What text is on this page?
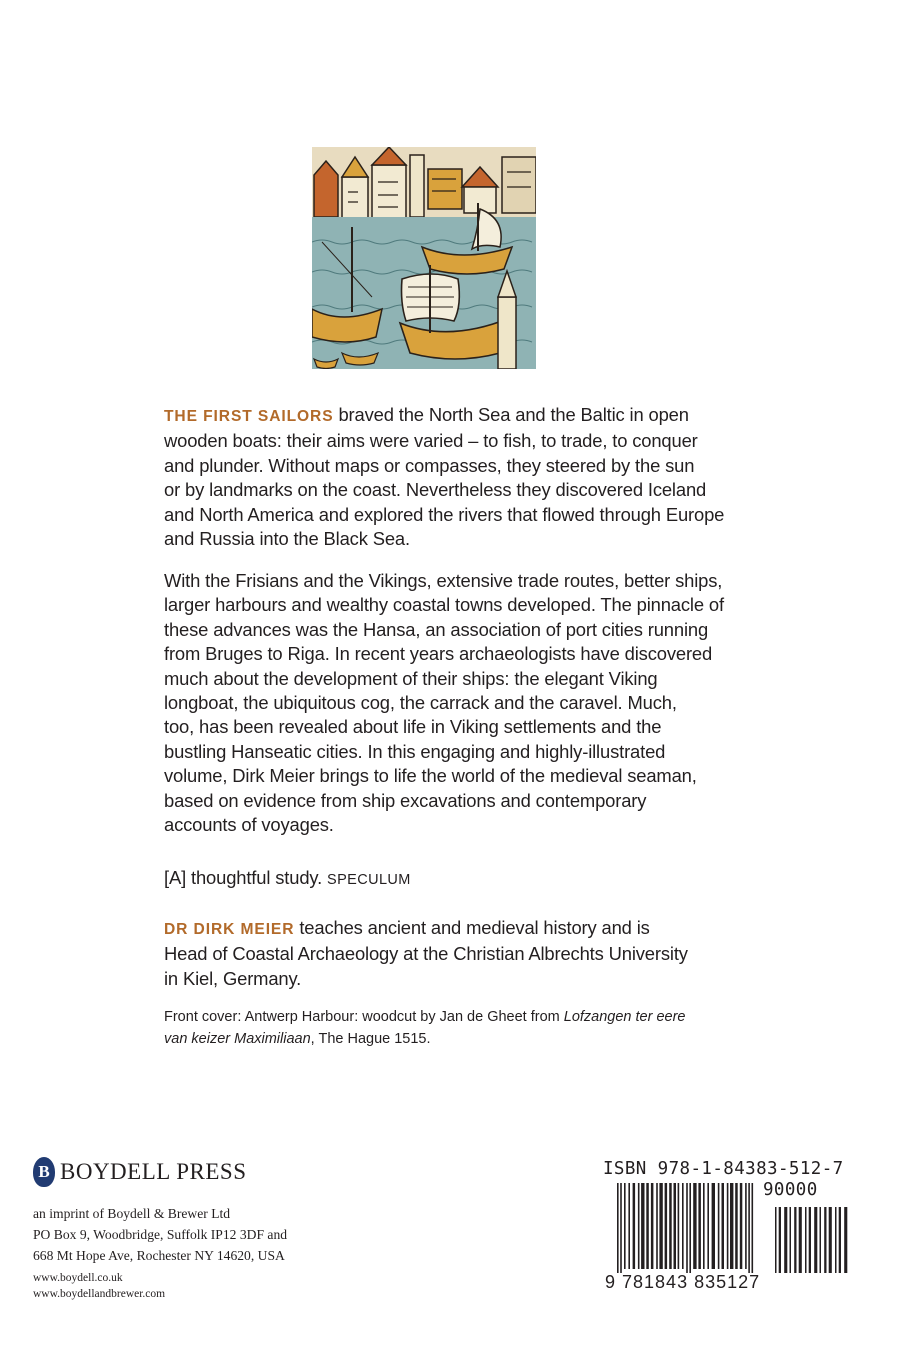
THE FIRST SAILORS braved the North Sea and the Baltic in open

wooden boats: their aims were varied – to fish, to trade, to conquer

and plunder. Without maps or compasses, they steered by the sun

or by landmarks on the coast. Nevertheless they discovered Iceland

and North America and explored the rivers that flowed through Europe

and Russia into the Black Sea.

With the Frisians and the Vikings, extensive trade routes, better ships,

larger harbours and wealthy coastal towns developed. The pinnacle of

these advances was the Hansa, an association of port cities running

from Bruges to Riga. In recent years archaeologists have discovered

much about the development of their ships: the elegant Viking

longboat, the ubiquitous cog, the carrack and the caravel. Much,

too, has been revealed about life in Viking settlements and the

bustling Hanseatic cities. In this engaging and highly-illustrated

volume, Dirk Meier brings to life the world of the medieval seaman,

based on evidence from ship excavations and contemporary

accounts of voyages.

[A] thoughtful study. SPECULUM

DR DIRK MEIER teaches ancient and medieval history and is

Head of Coastal Archaeology at the Christian Albrechts University

in Kiel, Germany.

Front cover: Antwerp Harbour: woodcut by Jan de Gheet from Lofzangen ter eere
van keizer Maximiliaan, The Hague 1515.
B BOYDELL PRESS
an imprint of Boydell & Brewer Ltd
PO Box 9, Woodbridge, Suffolk IP12 3DF and
668 Mt Hope Ave, Rochester NY 14620, USA
www.boydell.co.uk
www.boydellandbrewer.com
ISBN 978-1-84383-512-7
90000
9 781843 835127
